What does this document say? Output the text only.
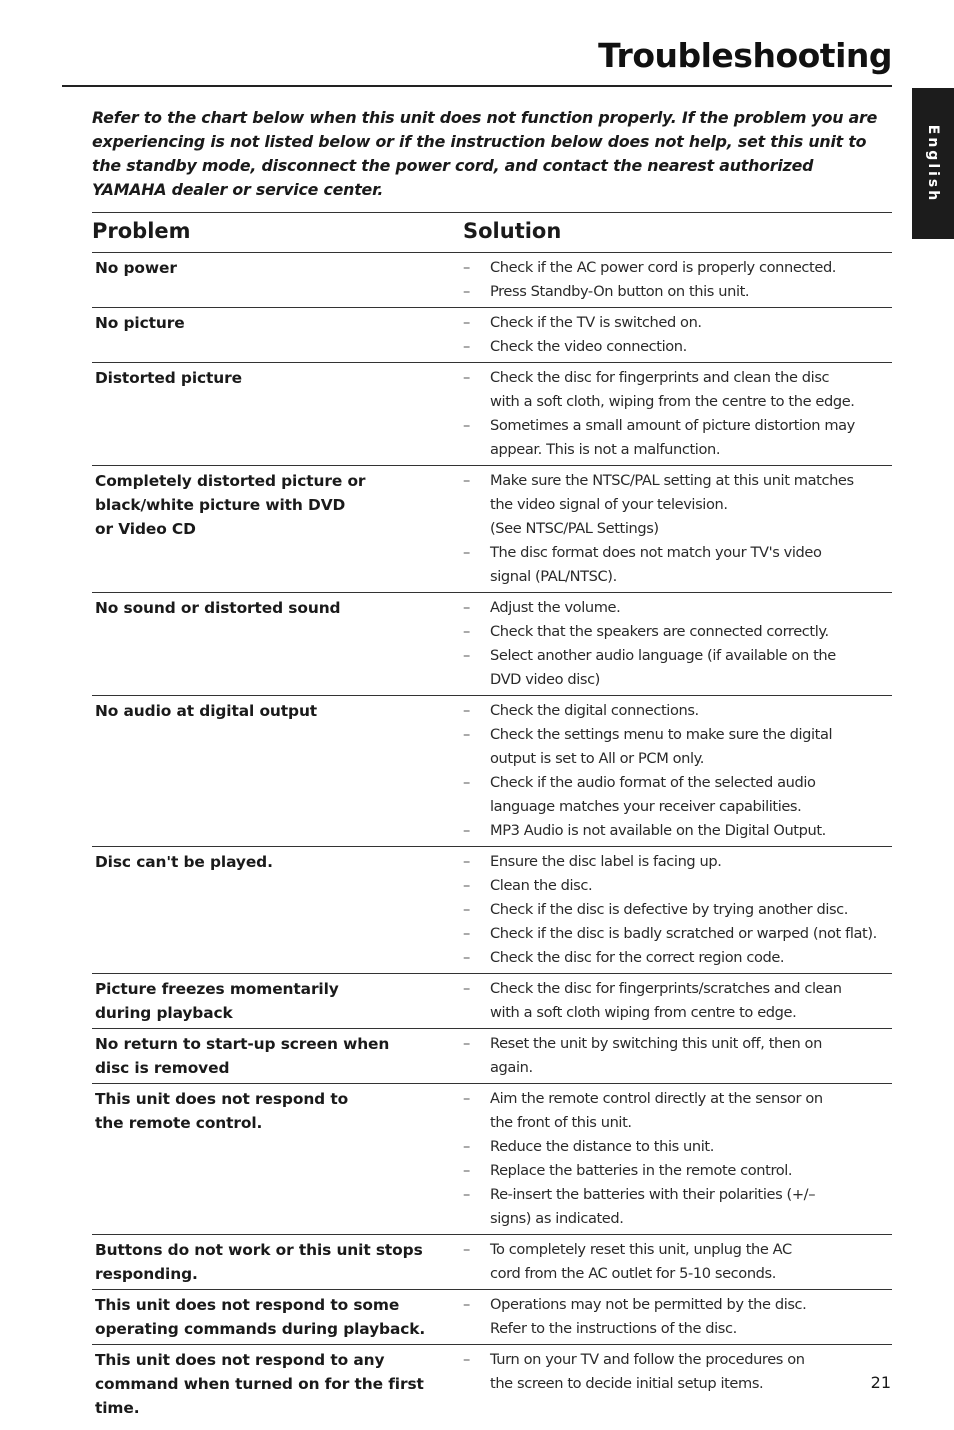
Troubleshooting
English

Refer to the chart below when this unit does not function properly. If the problem you are experiencing is not listed below or if the instruction below does not help, set this unit to the standby mode, disconnect the power cord, and contact the nearest authorized YAMAHA dealer or service center.

Problem	Solution
No power	–	Check if the AC power cord is properly connected.
–	Press Standby-On button on this unit.
No picture	–	Check if the TV is switched on.
–	Check the video connection.
Distorted picture	–	Check the disc for fingerprints and clean the disc
with a soft cloth, wiping from the centre to the edge.
–	Sometimes a small amount of picture distortion may
appear. This is not a malfunction.
Completely distorted picture or
black/white picture with DVD
or Video CD
–	Make sure the NTSC/PAL setting at this unit matches
the video signal of your television.
(See NTSC/PAL Settings)
–	The disc format does not match your TV's video
signal (PAL/NTSC).
No sound or distorted sound	–	Adjust the volume.
–	Check that the speakers are connected correctly.
–	Select another audio language (if available on the
DVD video disc)
No audio at digital output	–	Check the digital connections.
–	Check the settings menu to make sure the digital
output is set to All or PCM only.
–	Check if the audio format of the selected audio
language matches your receiver capabilities.
–	MP3 Audio is not available on the Digital Output.
Disc can't be played.	–	Ensure the disc label is facing up.
–	Clean the disc.
–	Check if the disc is defective by trying another disc.
–	Check if the disc is badly scratched or warped (not flat).
–	Check the disc for the correct region code.
Picture freezes momentarily
during playback
–	Check the disc for fingerprints/scratches and clean
with a soft cloth wiping from centre to edge.
No return to start-up screen when
disc is removed
–	Reset the unit by switching this unit off, then on
again.
This unit does not respond to
the remote control.
–	Aim the remote control directly at the sensor on
the front of this unit.
–	Reduce the distance to this unit.
–	Replace the batteries in the remote control.
–	Re-insert the batteries with their polarities (+/–
signs) as indicated.
Buttons do not work or this unit stops
responding.
–	To completely reset this unit, unplug the AC
cord from the AC outlet for 5-10 seconds.
This unit does not respond to some
operating commands during playback.
–	Operations may not be permitted by the disc.
Refer to the instructions of the disc.
This unit does not respond to any
command when turned on for the first
time.
–	Turn on your TV and follow the procedures on
the screen to decide initial setup items.	21
